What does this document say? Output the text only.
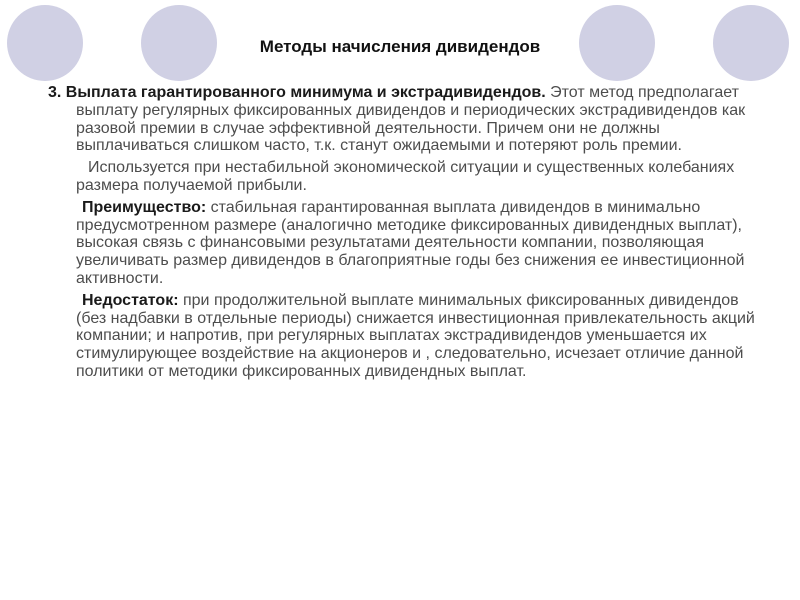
Методы начисления дивидендов

3. Выплата гарантированного минимума и экстрадивидендов. Этот метод предполагает выплату регулярных фиксированных дивидендов и периодических экстрадивидендов как разовой премии в случае эффективной деятельности. Причем они не должны выплачиваться слишком часто, т.к. станут ожидаемыми и потеряют роль премии.

Используется при нестабильной экономической ситуации и существенных колебаниях размера получаемой прибыли.

Преимущество: стабильная гарантированная выплата дивидендов в минимально предусмотренном размере (аналогично методике фиксированных дивидендных выплат), высокая связь с финансовыми результатами деятельности компании, позволяющая увеличивать размер дивидендов в благоприятные годы без снижения ее инвестиционной активности.

Недостаток: при продолжительной выплате минимальных фиксированных дивидендов (без надбавки в отдельные периоды) снижается инвестиционная привлекательность акций компании; и напротив, при регулярных выплатах экстрадивидендов уменьшается их стимулирующее воздействие на акционеров и , следовательно, исчезает отличие данной политики от методики фиксированных дивидендных выплат.
